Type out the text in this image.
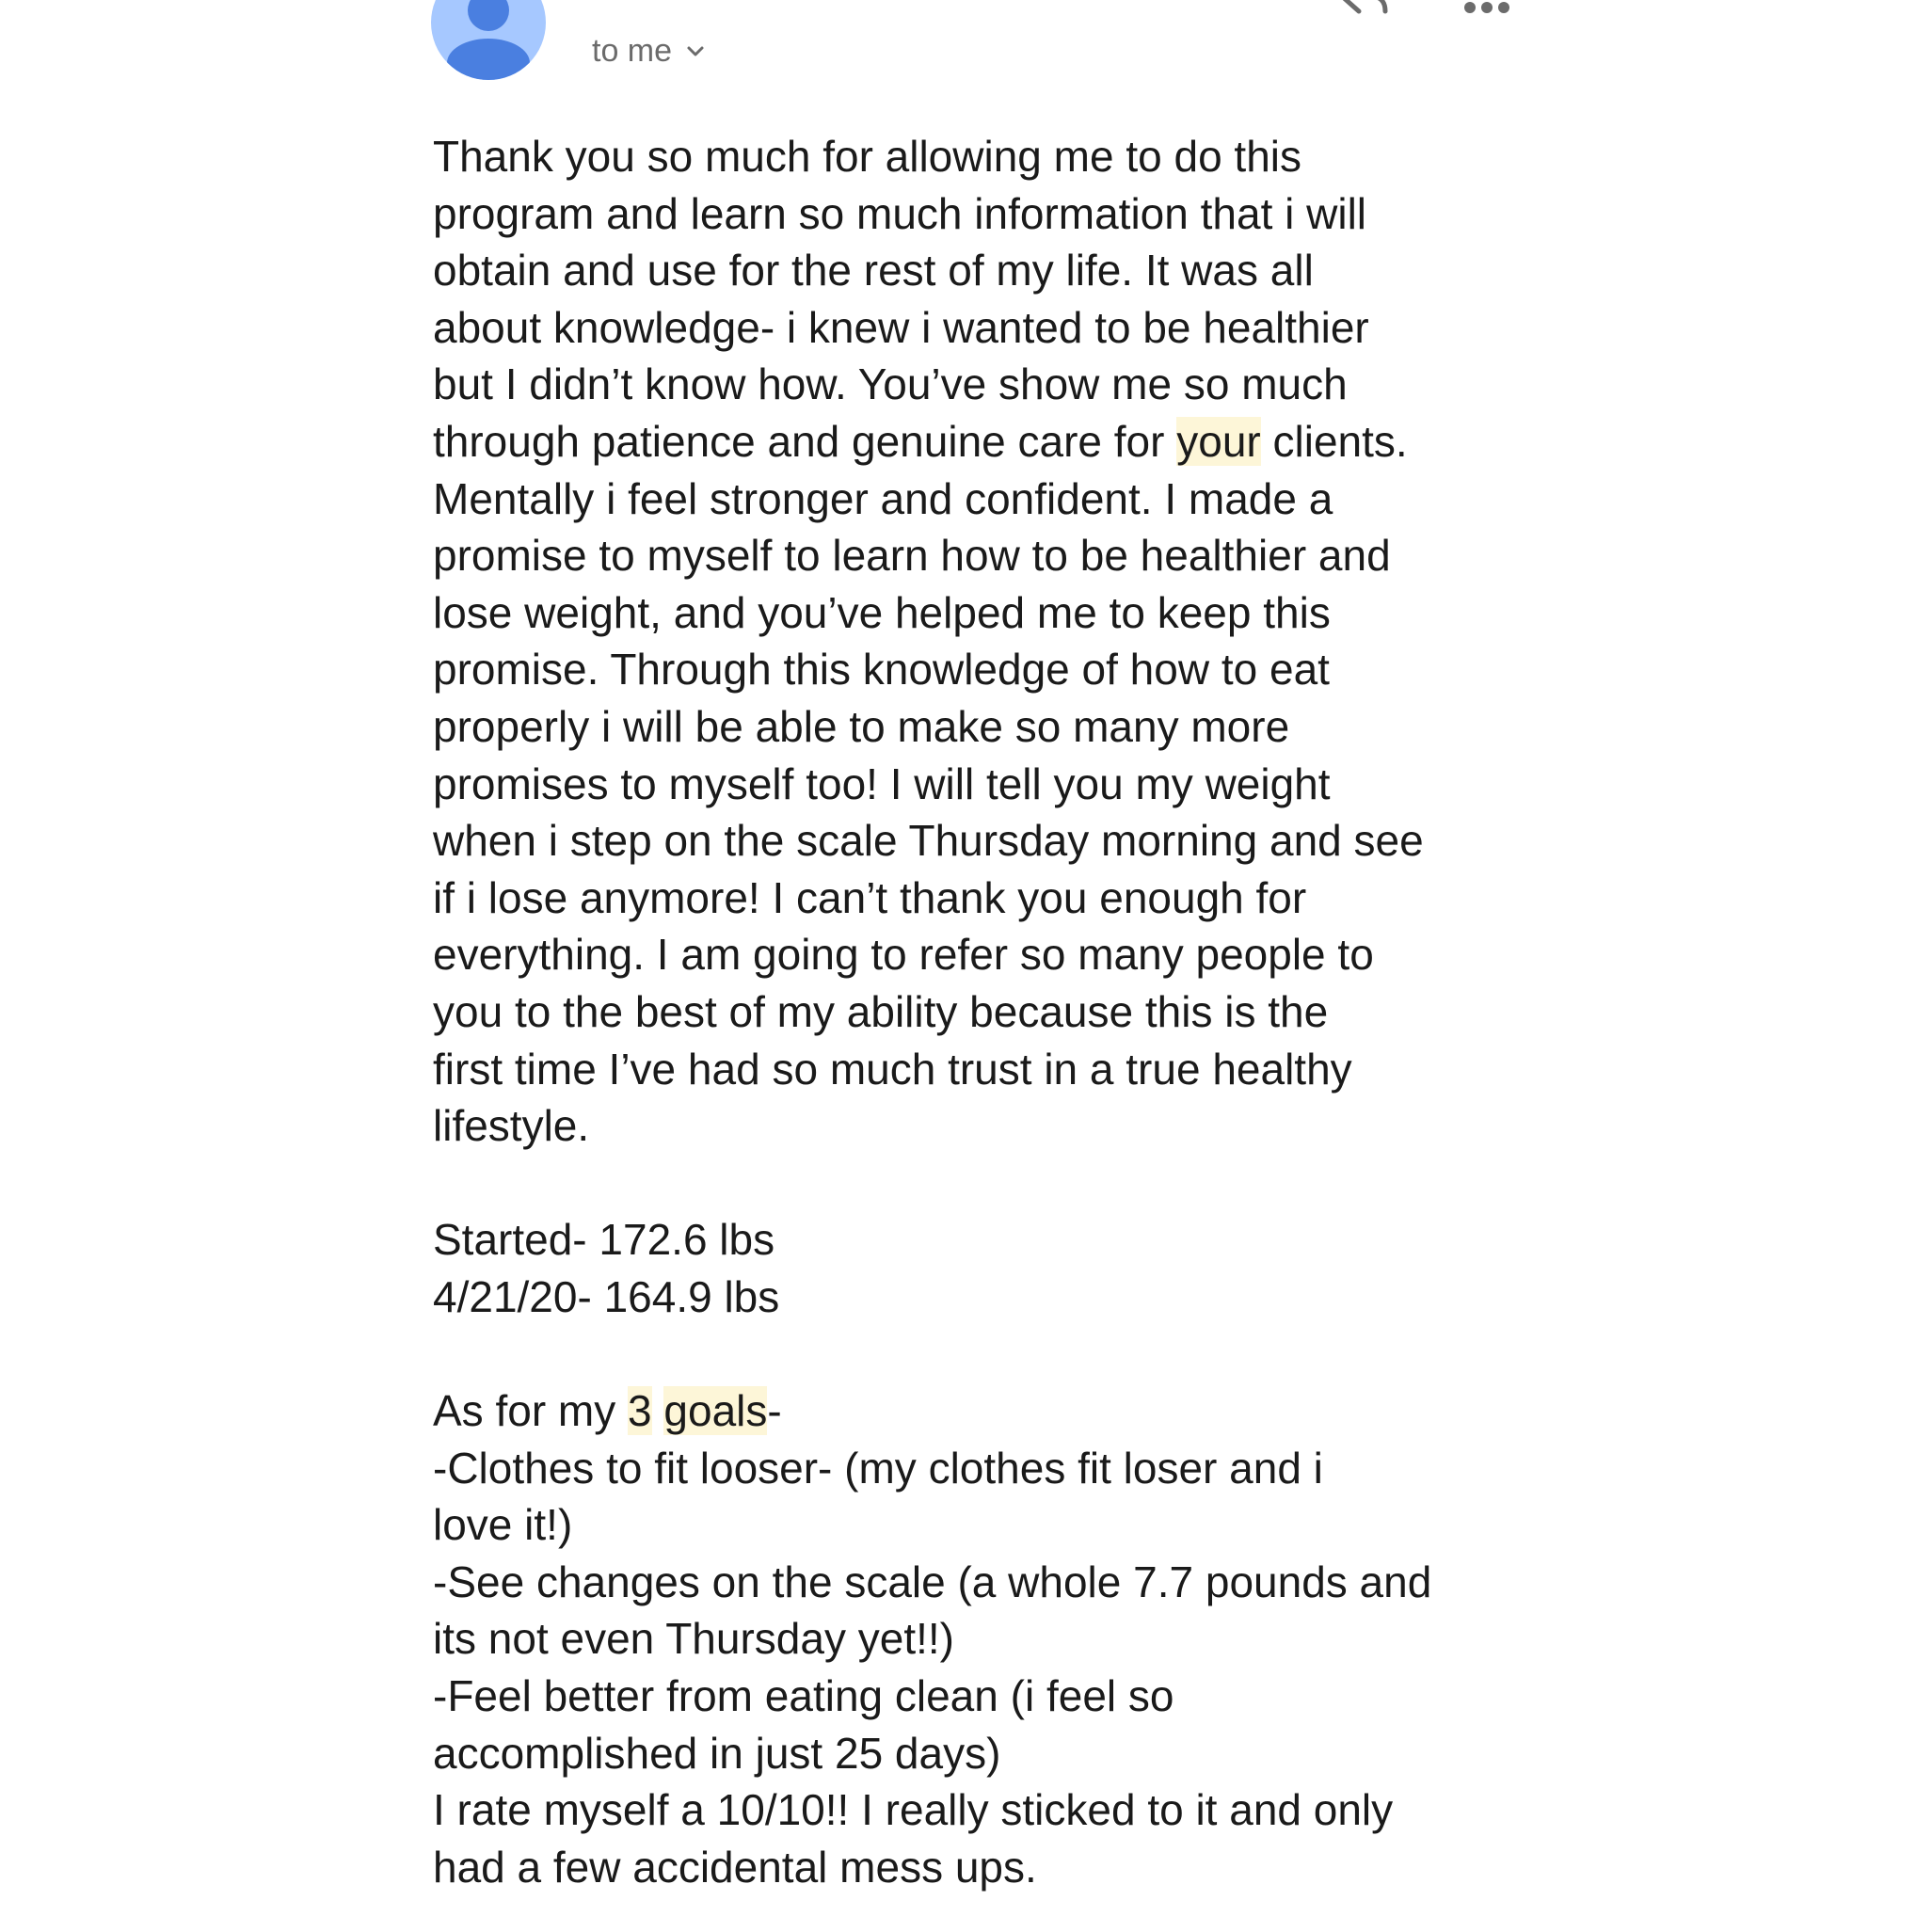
to me
Thank you so much for allowing me to do this
program and learn so much information that i will
obtain and use for the rest of my life. It was all
about knowledge- i knew i wanted to be healthier
but I didn’t know how. You’ve show me so much
through patience and genuine care for your clients.
Mentally i feel stronger and confident. I made a
promise to myself to learn how to be healthier and
lose weight, and you’ve helped me to keep this
promise. Through this knowledge of how to eat
properly i will be able to make so many more
promises to myself too! I will tell you my weight
when i step on the scale Thursday morning and see
if i lose anymore! I can’t thank you enough for
everything. I am going to refer so many people to
you to the best of my ability because this is the
first time I’ve had so much trust in a true healthy
lifestyle.
Started- 172.6 lbs
4/21/20- 164.9 lbs
As for my 3 goals-
-Clothes to fit looser- (my clothes fit loser and i
love it!)
-See changes on the scale (a whole 7.7 pounds and
its not even Thursday yet!!)
-Feel better from eating clean (i feel so
accomplished in just 25 days)
I rate myself a 10/10!! I really sticked to it and only
had a few accidental mess ups.
